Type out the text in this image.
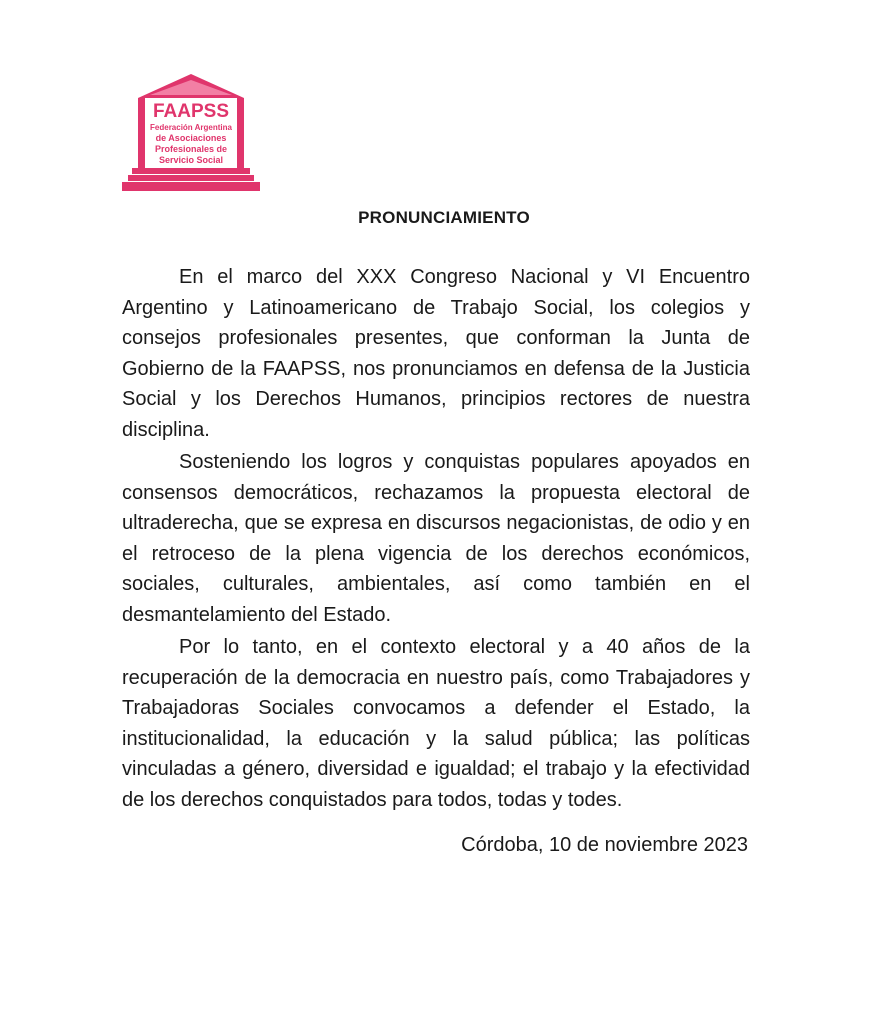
FAAPSS
Federación Argentina
de Asociaciones
Profesionales de
Servicio Social
PRONUNCIAMIENTO

En el marco del XXX Congreso Nacional y VI Encuentro Argentino y Latinoamericano de Trabajo Social, los colegios y consejos profesionales presentes, que conforman la Junta de Gobierno de la FAAPSS, nos pronunciamos en defensa de la Justicia Social y los Derechos Humanos, principios rectores de nuestra disciplina.

Sosteniendo los logros y conquistas populares apoyados en consensos democráticos, rechazamos la propuesta electoral de ultraderecha, que se expresa en discursos negacionistas, de odio y en el retroceso de la plena vigencia de los derechos económicos, sociales, culturales, ambientales, así como también en el desmantelamiento del Estado.

Por lo tanto, en el contexto electoral y a 40 años de la recuperación de la democracia en nuestro país, como Trabajadores y Trabajadoras Sociales convocamos a defender el Estado, la institucionalidad, la educación y la salud pública; las políticas vinculadas a género, diversidad e igualdad; el trabajo y la efectividad de los derechos conquistados para todos, todas y todes.

Córdoba, 10 de noviembre 2023
